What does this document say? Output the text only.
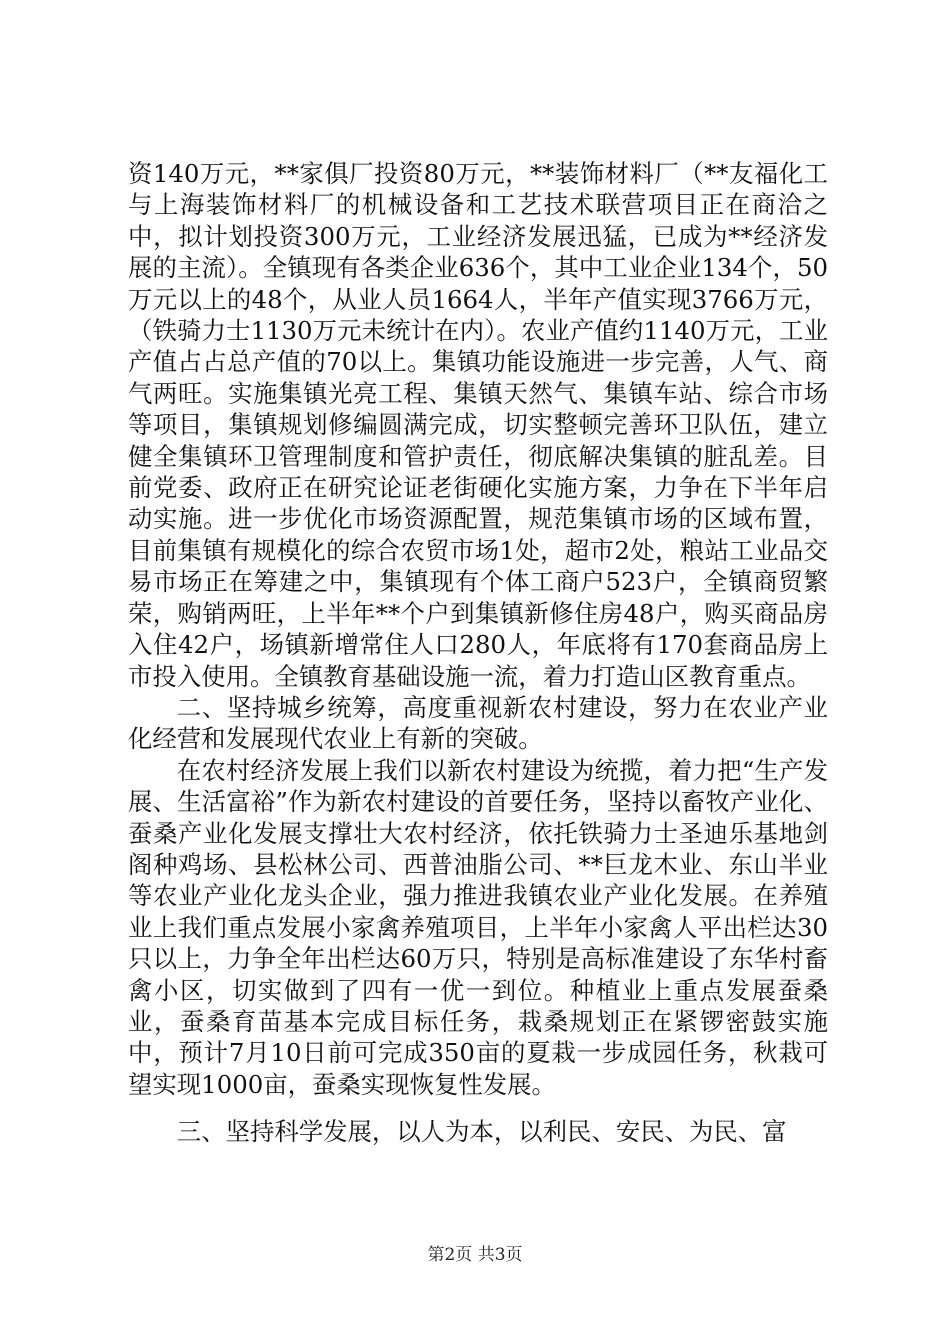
资140万元，**家俱厂投资80万元，**装饰材料厂（**友福化工与上海装饰材料厂的机械设备和工艺技术联营项目正在商洽之中，拟计划投资300万元，工业经济发展迅猛，已成为**经济发展的主流）。全镇现有各类企业636个，其中工业企业134个，50万元以上的48个，从业人员1664人，半年产值实现3766万元，（铁骑力士1130万元未统计在内）。农业产值约1140万元，工业产值占占总产值的70以上。集镇功能设施进一步完善，人气、商气两旺。实施集镇光亮工程、集镇天然气、集镇车站、综合市场等项目，集镇规划修编圆满完成，切实整顿完善环卫队伍，建立健全集镇环卫管理制度和管护责任，彻底解决集镇的脏乱差。目前党委、政府正在研究论证老街硬化实施方案，力争在下半年启动实施。进一步优化市场资源配置，规范集镇市场的区域布置，目前集镇有规模化的综合农贸市场1处，超市2处，粮站工业品交易市场正在筹建之中，集镇现有个体工商户523户，全镇商贸繁荣，购销两旺，上半年**个户到集镇新修住房48户，购买商品房入住42户，场镇新增常住人口280人，年底将有170套商品房上市投入使用。全镇教育基础设施一流，着力打造山区教育重点。

二、坚持城乡统筹，高度重视新农村建设，努力在农业产业化经营和发展现代农业上有新的突破。

在农村经济发展上我们以新农村建设为统揽，着力把“生产发展、生活富裕”作为新农村建设的首要任务，坚持以畜牧产业化、蚕桑产业化发展支撑壮大农村经济，依托铁骑力士圣迪乐基地剑阁种鸡场、县松林公司、西普油脂公司、**巨龙木业、东山半业等农业产业化龙头企业，强力推进我镇农业产业化发展。在养殖业上我们重点发展小家禽养殖项目，上半年小家禽人平出栏达30只以上，力争全年出栏达60万只，特别是高标准建设了东华村畜禽小区，切实做到了四有一优一到位。种植业上重点发展蚕桑业，蚕桑育苗基本完成目标任务，栽桑规划正在紧锣密鼓实施中，预计7月10日前可完成350亩的夏栽一步成园任务，秋栽可望实现1000亩，蚕桑实现恢复性发展。

三、坚持科学发展，以人为本，以利民、安民、为民、富

第2页 共3页
